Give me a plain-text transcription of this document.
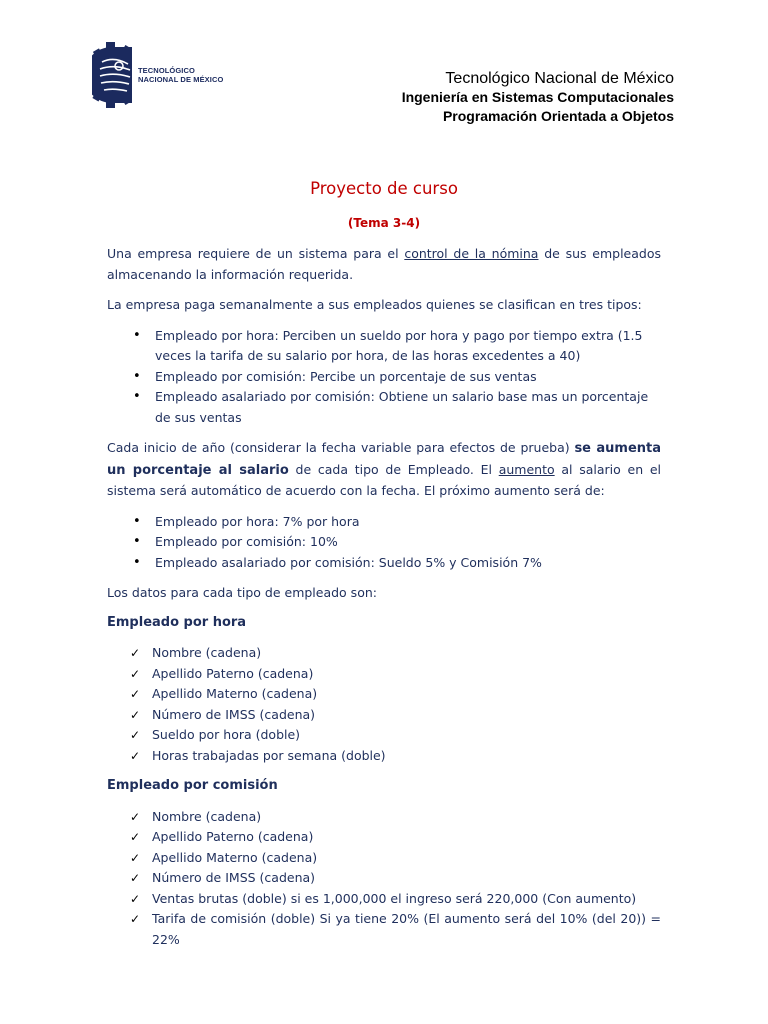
TECNOLÓGICO
NACIONAL DE MÉXICO	Tecnológico Nacional de México
Ingeniería en Sistemas Computacionales
Programación Orientada a Objetos
Proyecto de curso
(Tema 3-4)

Una empresa requiere de un sistema para el control de la nómina de sus empleados almacenando la información requerida.

La empresa paga semanalmente a sus empleados quienes se clasifican en tres tipos:

• Empleado por hora: Perciben un sueldo por hora y pago por tiempo extra (1.5 veces la tarifa de su salario por hora, de las horas excedentes a 40)
• Empleado por comisión: Percibe un porcentaje de sus ventas
• Empleado asalariado por comisión: Obtiene un salario base mas un porcentaje de sus ventas

Cada inicio de año (considerar la fecha variable para efectos de prueba) se aumenta un porcentaje al salario de cada tipo de Empleado. El aumento al salario en el sistema será automático de acuerdo con la fecha. El próximo aumento será de:

• Empleado por hora: 7% por hora
• Empleado por comisión: 10%
• Empleado asalariado por comisión: Sueldo 5% y Comisión 7%

Los datos para cada tipo de empleado son:

Empleado por hora
✓ Nombre (cadena)
✓ Apellido Paterno (cadena)
✓ Apellido Materno (cadena)
✓ Número de IMSS (cadena)
✓ Sueldo por hora (doble)
✓ Horas trabajadas por semana (doble)
Empleado por comisión
✓ Nombre (cadena)
✓ Apellido Paterno (cadena)
✓ Apellido Materno (cadena)
✓ Número de IMSS (cadena)
✓ Ventas brutas (doble) si es 1,000,000 el ingreso será 220,000 (Con aumento)
✓ Tarifa de comisión (doble) Si ya tiene 20% (El aumento será del 10% (del 20)) = 22%
